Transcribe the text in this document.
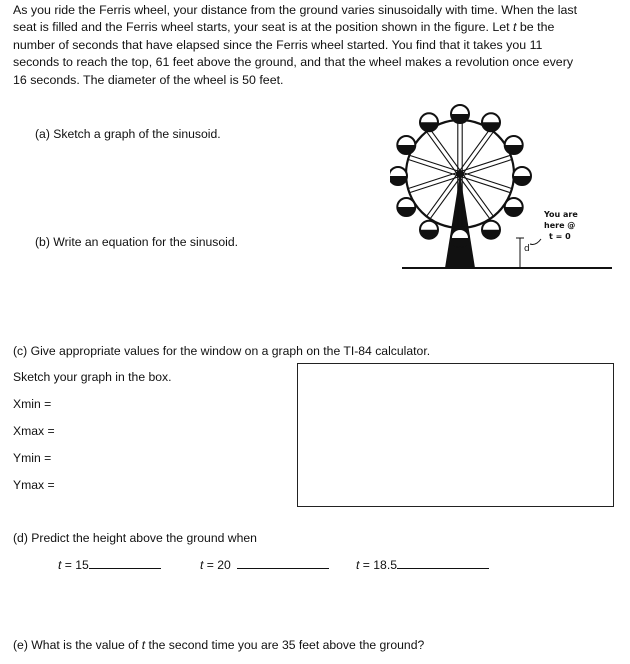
As you ride the Ferris wheel, your distance from the ground varies sinusoidally with time. When the last
seat is filled and the Ferris wheel starts, your seat is at the position shown in the figure. Let t be the
number of seconds that have elapsed since the Ferris wheel started. You find that it takes you 11
seconds to reach the top, 61 feet above the ground, and that the wheel makes a revolution once every
16 seconds. The diameter of the wheel is 50 feet.
(a) Sketch a graph of the sinusoid.
(b) Write an equation for the sinusoid.
(c) Give appropriate values for the window on a graph on the TI-84 calculator.
Sketch your graph in the box.
Xmin =
Xmax =
Ymin =
Ymax =
(d) Predict the height above the ground when
t = 15	t = 20	t = 18.5
(e) What is the value of t the second time you are 35 feet above the ground?
d
You are
here @
t = 0
